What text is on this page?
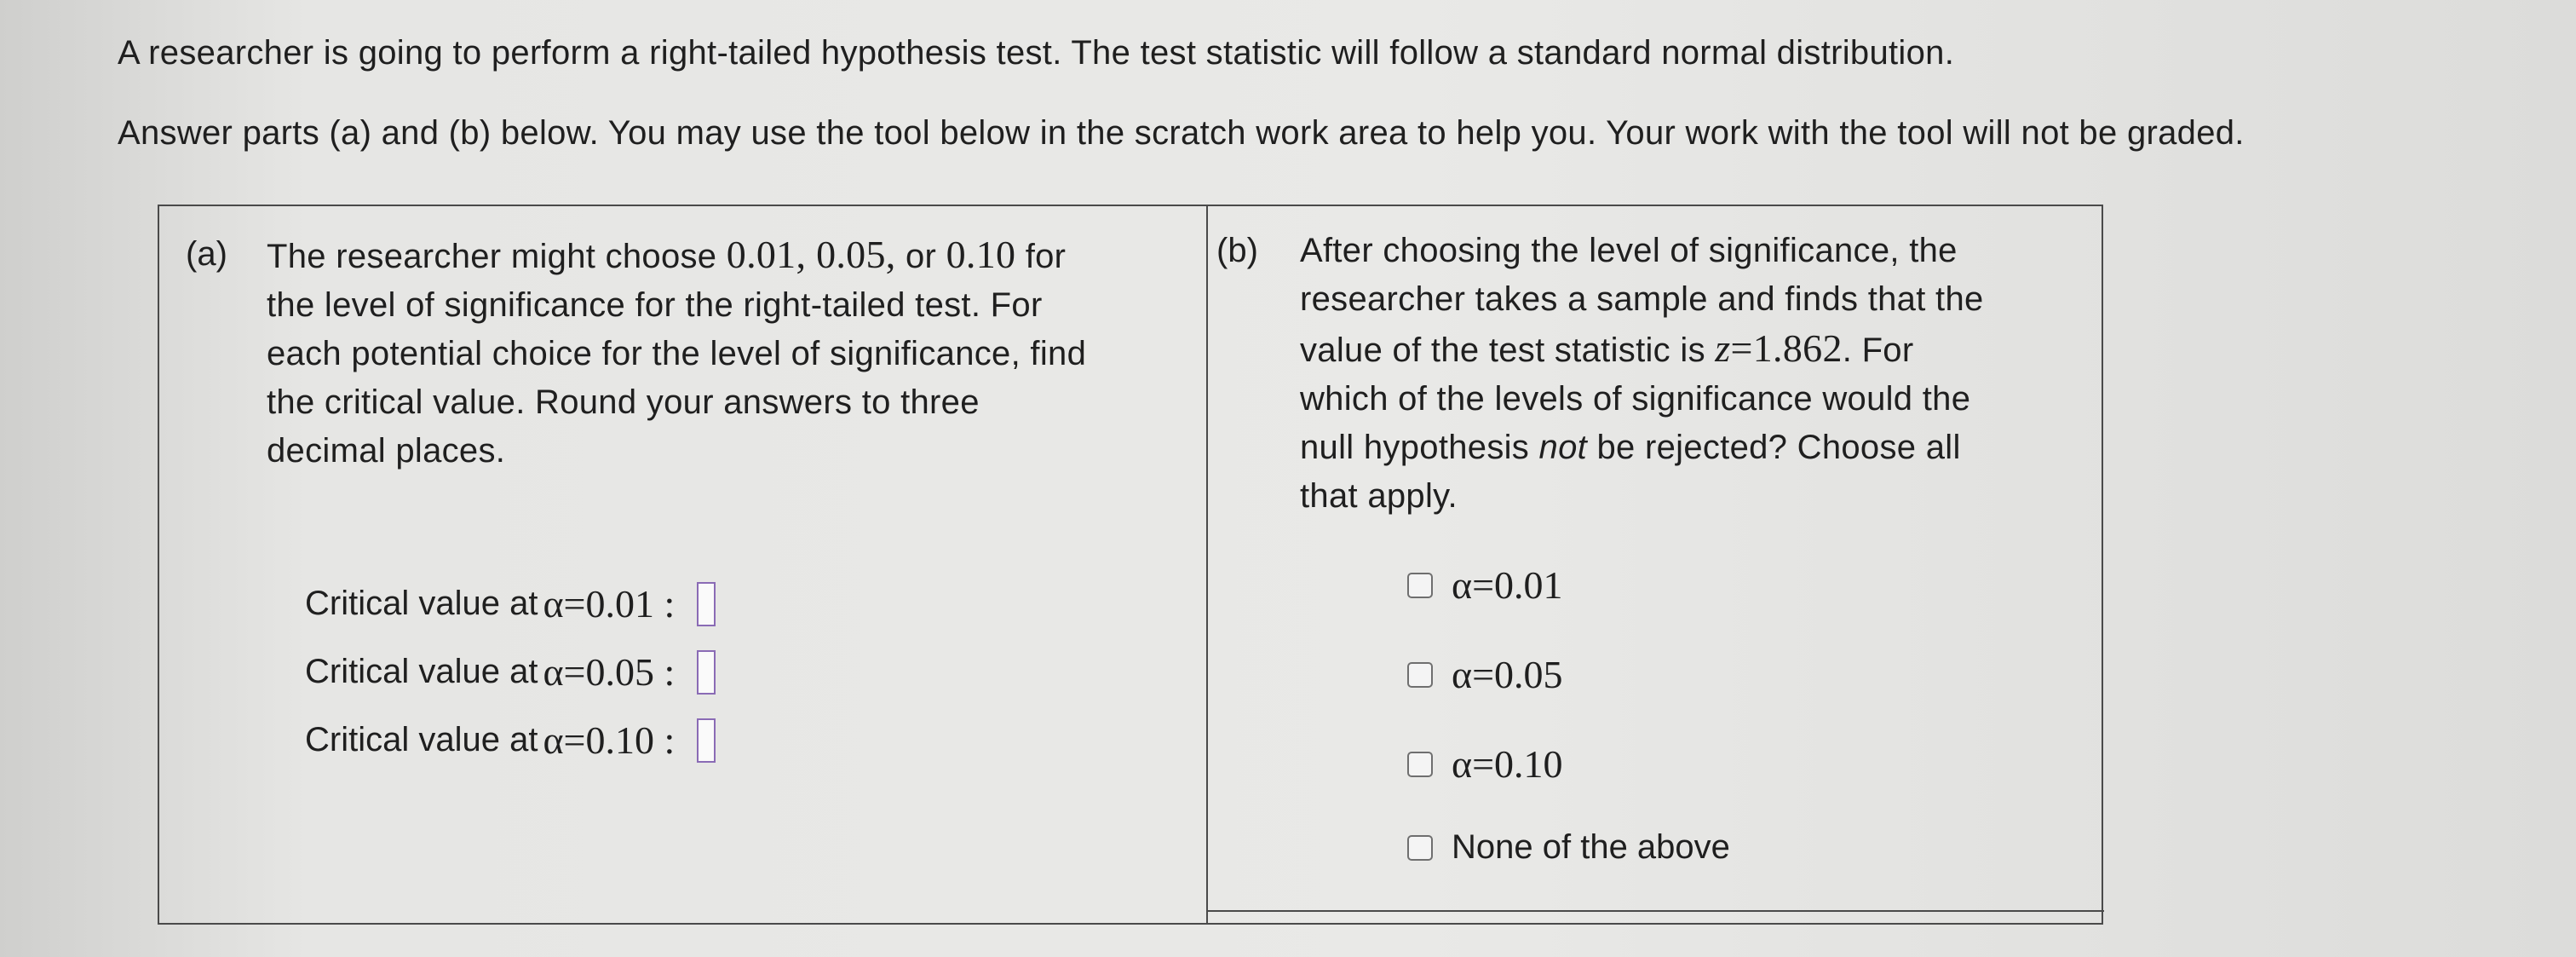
A researcher is going to perform a right-tailed hypothesis test. The test statistic will follow a standard normal distribution.
Answer parts (a) and (b) below. You may use the tool below in the scratch work area to help you. Your work with the tool will not be graded.
(a) The researcher might choose 0.01, 0.05, or 0.10 for
the level of significance for the right-tailed test. For
each potential choice for the level of significance, find
the critical value. Round your answers to three
decimal places.
Critical value at α=0.01 :
Critical value at α=0.05 :
Critical value at α=0.10 :
(b) After choosing the level of significance, the
researcher takes a sample and finds that the
value of the test statistic is z=1.862. For
which of the levels of significance would the
null hypothesis not be rejected? Choose all
that apply.
α=0.01
α=0.05
α=0.10
None of the above
